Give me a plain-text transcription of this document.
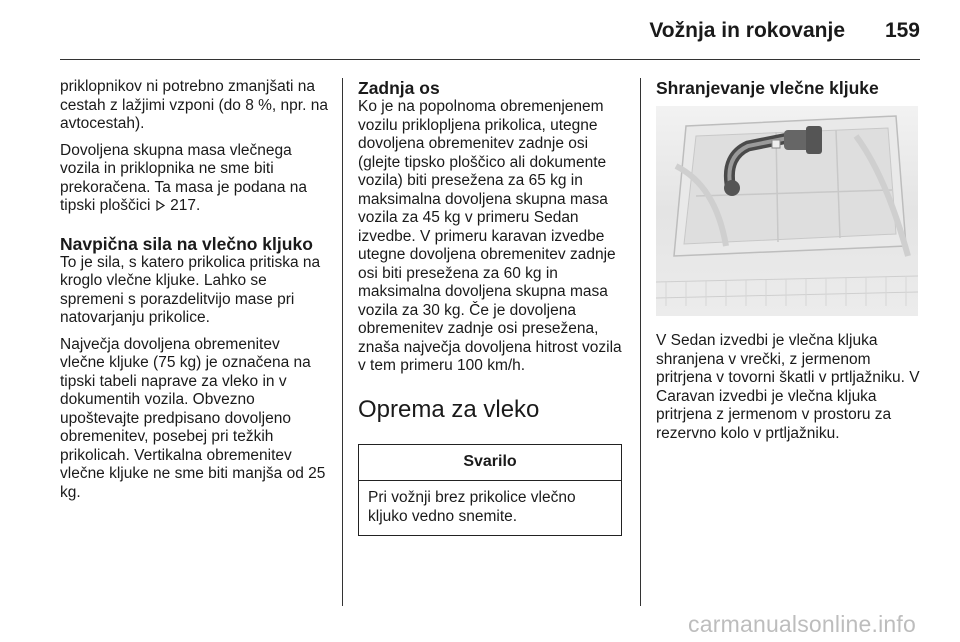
Vožnja in rokovanje 159

priklopnikov ni potrebno zmanjšati na cestah z lažjimi vzponi (do 8 %, npr. na avtocestah).

Dovoljena skupna masa vlečnega vozila in priklopnika ne sme biti prekoračena. Ta masa je podana na tipski ploščici 217.

Navpična sila na vlečno kljuko

To je sila, s katero prikolica pritiska na kroglo vlečne kljuke. Lahko se spremeni s porazdelitvijo mase pri natovarjanju prikolice.

Največja dovoljena obremenitev vlečne kljuke (75 kg) je označena na tipski tabeli naprave za vleko in v dokumentih vozila. Obvezno upoštevajte predpisano dovoljeno obremenitev, posebej pri težkih prikolicah. Vertikalna obremenitev vlečne kljuke ne sme biti manjša od 25 kg.

Zadnja os

Ko je na popolnoma obremenjenem vozilu priklopljena prikolica, utegne dovoljena obremenitev zadnje osi (glejte tipsko ploščico ali dokumente vozila) biti presežena za 65 kg in maksimalna dovoljena skupna masa vozila za 45 kg v primeru Sedan izvedbe. V primeru karavan izvedbe utegne dovoljena obremenitev zadnje osi biti presežena za 60 kg in maksimalna dovoljena skupna masa vozila za 30 kg. Če je dovoljena obremenitev zadnje osi presežena, znaša največja dovoljena hitrost vozila v tem primeru 100 km/h.

Oprema za vleko
Svarilo
Pri vožnji brez prikolice vlečno kljuko vedno snemite.
Shranjevanje vlečne kljuke

V Sedan izvedbi je vlečna kljuka shranjena v vrečki, z jermenom pritrjena v tovorni škatli v prtljažniku. V Caravan izvedbi je vlečna kljuka pritrjena z jermenom v prostoru za rezervno kolo v prtljažniku.

carmanualsonline.info
